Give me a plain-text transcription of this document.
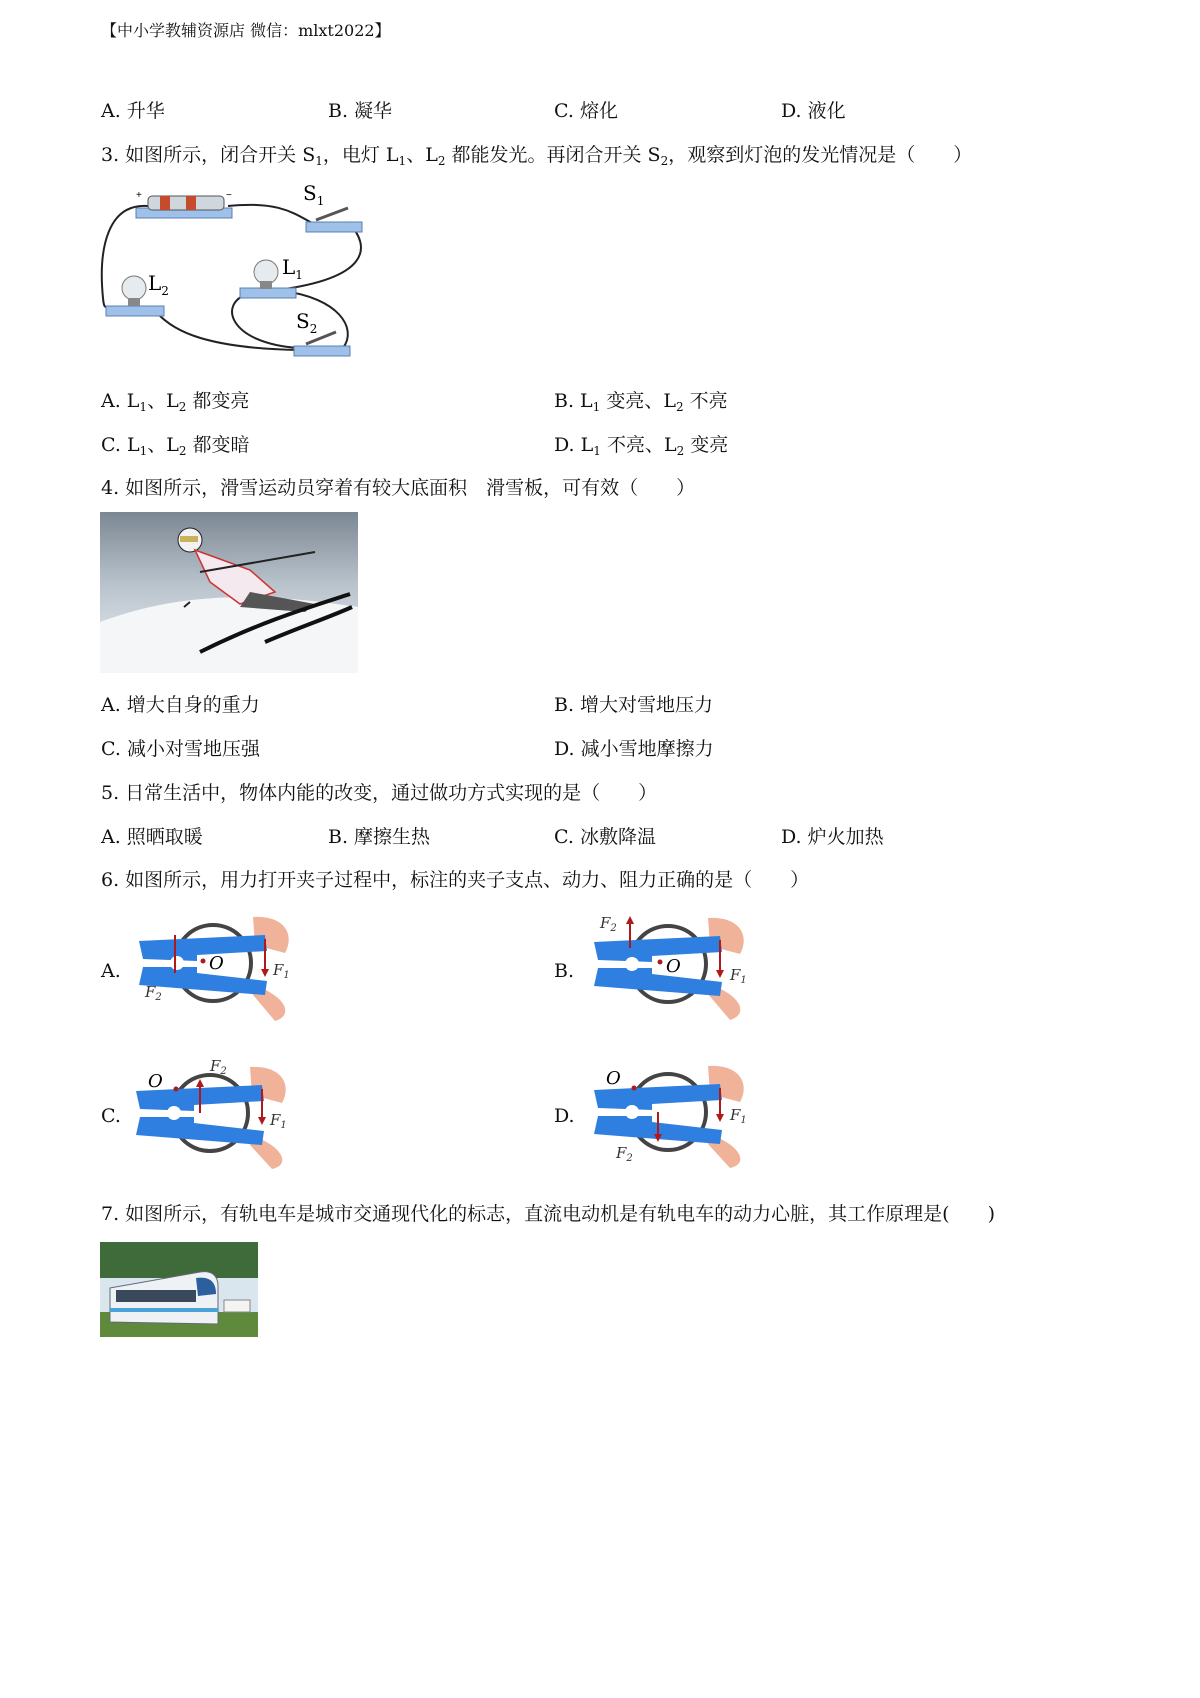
【中小学教辅资源店 微信：mlxt2022】
A. 升华	B. 凝华	C. 熔化	D. 液化
3. 如图所示，闭合开关 $S_1$，电灯 $L_1$、$L_2$ 都能发光。再闭合开关 $S_2$，观察到灯泡的发光情况是（　　）
+	−	$S_1$
$L_2$
$L_1$
$S_2$
A. $L_1$、$L_2$ 都变亮	B. $L_1$ 变亮、$L_2$ 不亮
C. $L_1$、$L_2$ 都变暗	D. $L_1$ 不亮、$L_2$ 变亮
4. 如图所示，滑雪运动员穿着有较大底面积　滑雪板，可有效（　　）
A. 增大自身的重力	B. 增大对雪地压力
C. 减小对雪地压强	D. 减小雪地摩擦力
5. 日常生活中，物体内能的改变，通过做功方式实现的是（　　）
A. 照晒取暖	B. 摩擦生热	C. 冰敷降温	D. 炉火加热
6. 如图所示，用力打开夹子过程中，标注的夹子支点、动力、阻力正确的是（　　）
A.	B.
C.	D.
O	$F_1$
$F_2$
O	$F_1$
$F_2$
O
$F_1$
$F_2$	O
$F_1$
$F_2$
7. 如图所示，有轨电车是城市交通现代化的标志，直流电动机是有轨电车的动力心脏，其工作原理是(　　)
